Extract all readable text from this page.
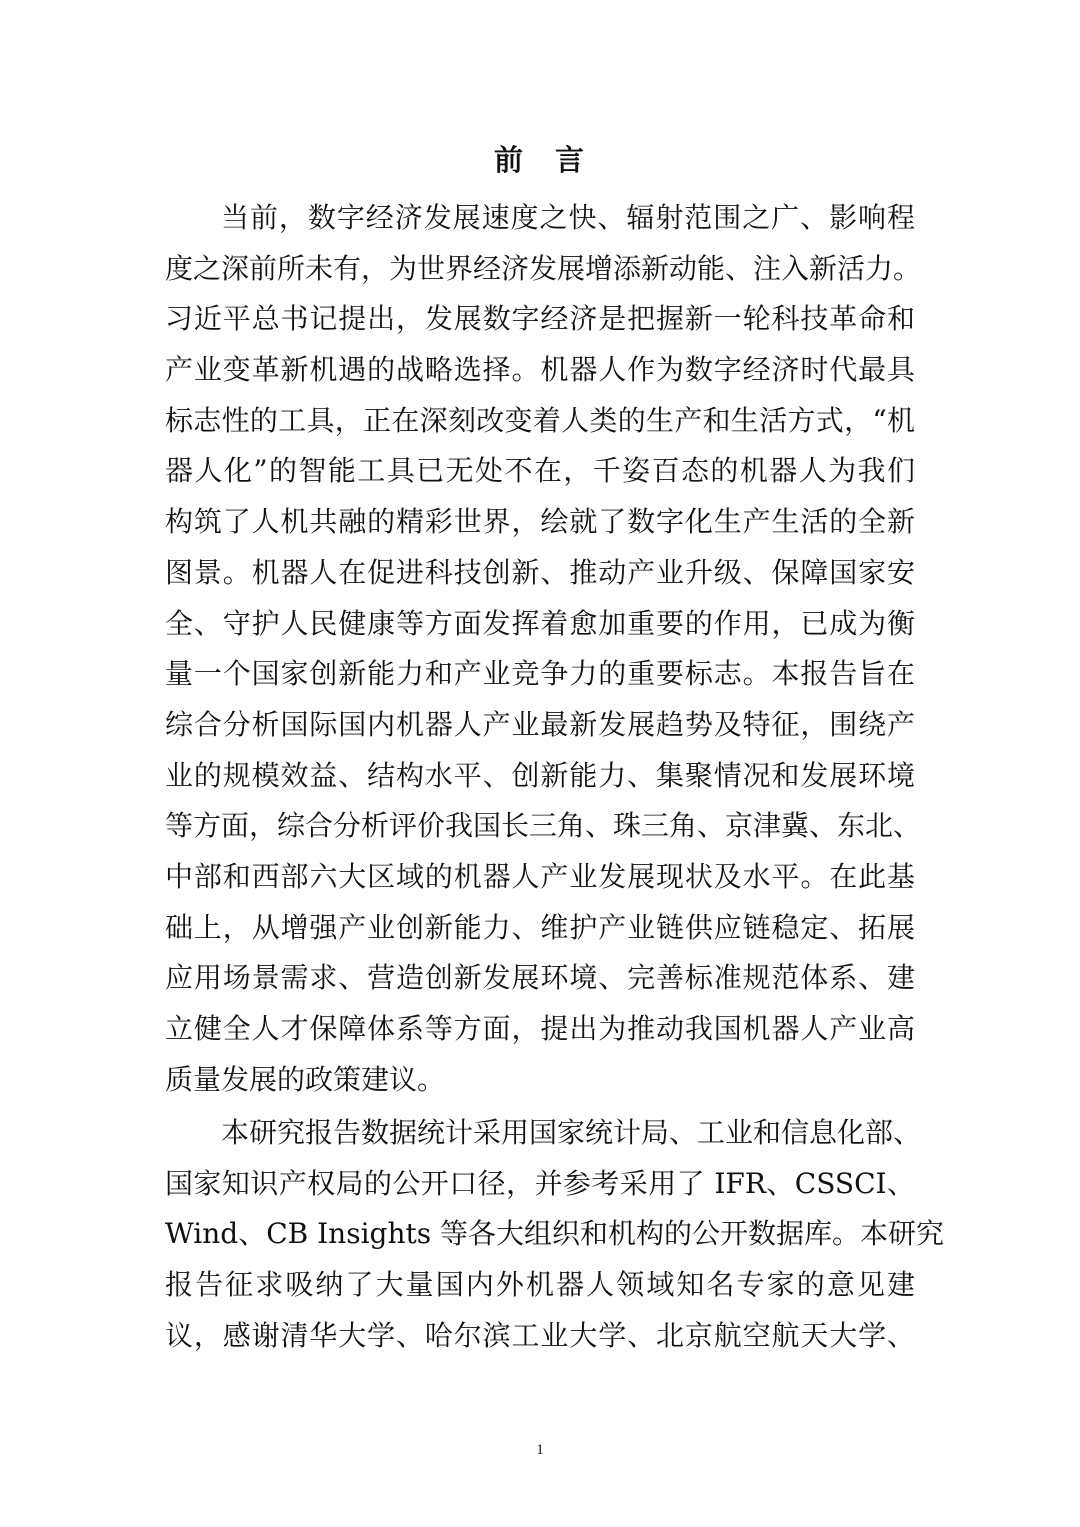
前 言
当前，数字经济发展速度之快、辐射范围之广、影响程
度之深前所未有，为世界经济发展增添新动能、注入新活力。
习近平总书记提出，发展数字经济是把握新一轮科技革命和
产业变革新机遇的战略选择。机器人作为数字经济时代最具
标志性的工具，正在深刻改变着人类的生产和生活方式，“机
器人化”的智能工具已无处不在，千姿百态的机器人为我们
构筑了人机共融的精彩世界，绘就了数字化生产生活的全新
图景。机器人在促进科技创新、推动产业升级、保障国家安
全、守护人民健康等方面发挥着愈加重要的作用，已成为衡
量一个国家创新能力和产业竞争力的重要标志。本报告旨在
综合分析国际国内机器人产业最新发展趋势及特征，围绕产
业的规模效益、结构水平、创新能力、集聚情况和发展环境
等方面，综合分析评价我国长三角、珠三角、京津冀、东北、
中部和西部六大区域的机器人产业发展现状及水平。在此基
础上，从增强产业创新能力、维护产业链供应链稳定、拓展
应用场景需求、营造创新发展环境、完善标准规范体系、建
立健全人才保障体系等方面，提出为推动我国机器人产业高
质量发展的政策建议。
本研究报告数据统计采用国家统计局、工业和信息化部、
国家知识产权局的公开口径，并参考采用了 IFR、CSSCI、
Wind、CB Insights 等各大组织和机构的公开数据库。本研究
报告征求吸纳了大量国内外机器人领域知名专家的意见建
议，感谢清华大学、哈尔滨工业大学、北京航空航天大学、
1
